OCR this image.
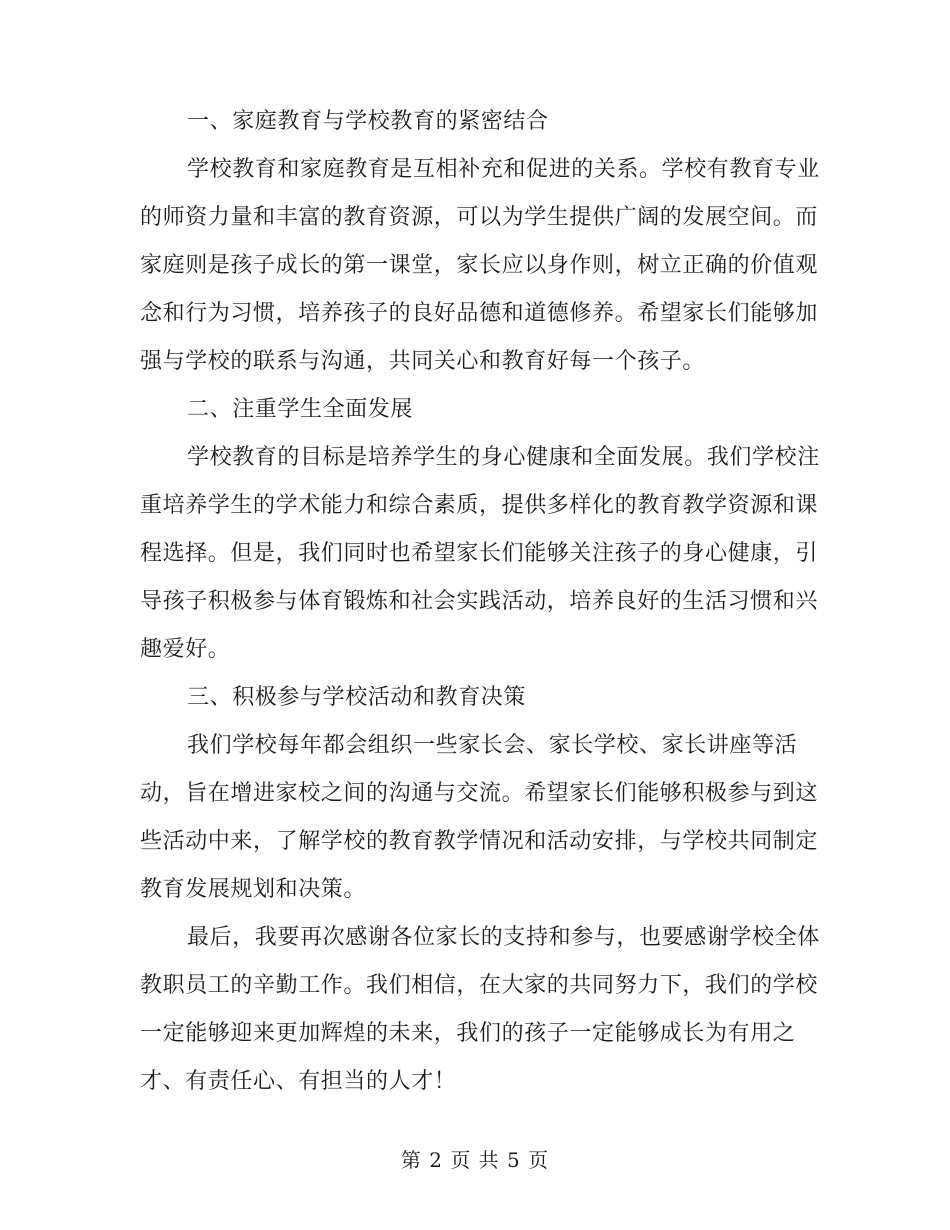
一、家庭教育与学校教育的紧密结合
学校教育和家庭教育是互相补充和促进的关系。学校有教育专业
的师资力量和丰富的教育资源，可以为学生提供广阔的发展空间。而
家庭则是孩子成长的第一课堂，家长应以身作则，树立正确的价值观
念和行为习惯，培养孩子的良好品德和道德修养。希望家长们能够加
强与学校的联系与沟通，共同关心和教育好每一个孩子。
二、注重学生全面发展
学校教育的目标是培养学生的身心健康和全面发展。我们学校注
重培养学生的学术能力和综合素质，提供多样化的教育教学资源和课
程选择。但是，我们同时也希望家长们能够关注孩子的身心健康，引
导孩子积极参与体育锻炼和社会实践活动，培养良好的生活习惯和兴
趣爱好。
三、积极参与学校活动和教育决策
我们学校每年都会组织一些家长会、家长学校、家长讲座等活
动，旨在增进家校之间的沟通与交流。希望家长们能够积极参与到这
些活动中来，了解学校的教育教学情况和活动安排，与学校共同制定
教育发展规划和决策。
最后，我要再次感谢各位家长的支持和参与，也要感谢学校全体
教职员工的辛勤工作。我们相信，在大家的共同努力下，我们的学校
一定能够迎来更加辉煌的未来，我们的孩子一定能够成长为有用之
才、有责任心、有担当的人才！
第 2 页 共 5 页
